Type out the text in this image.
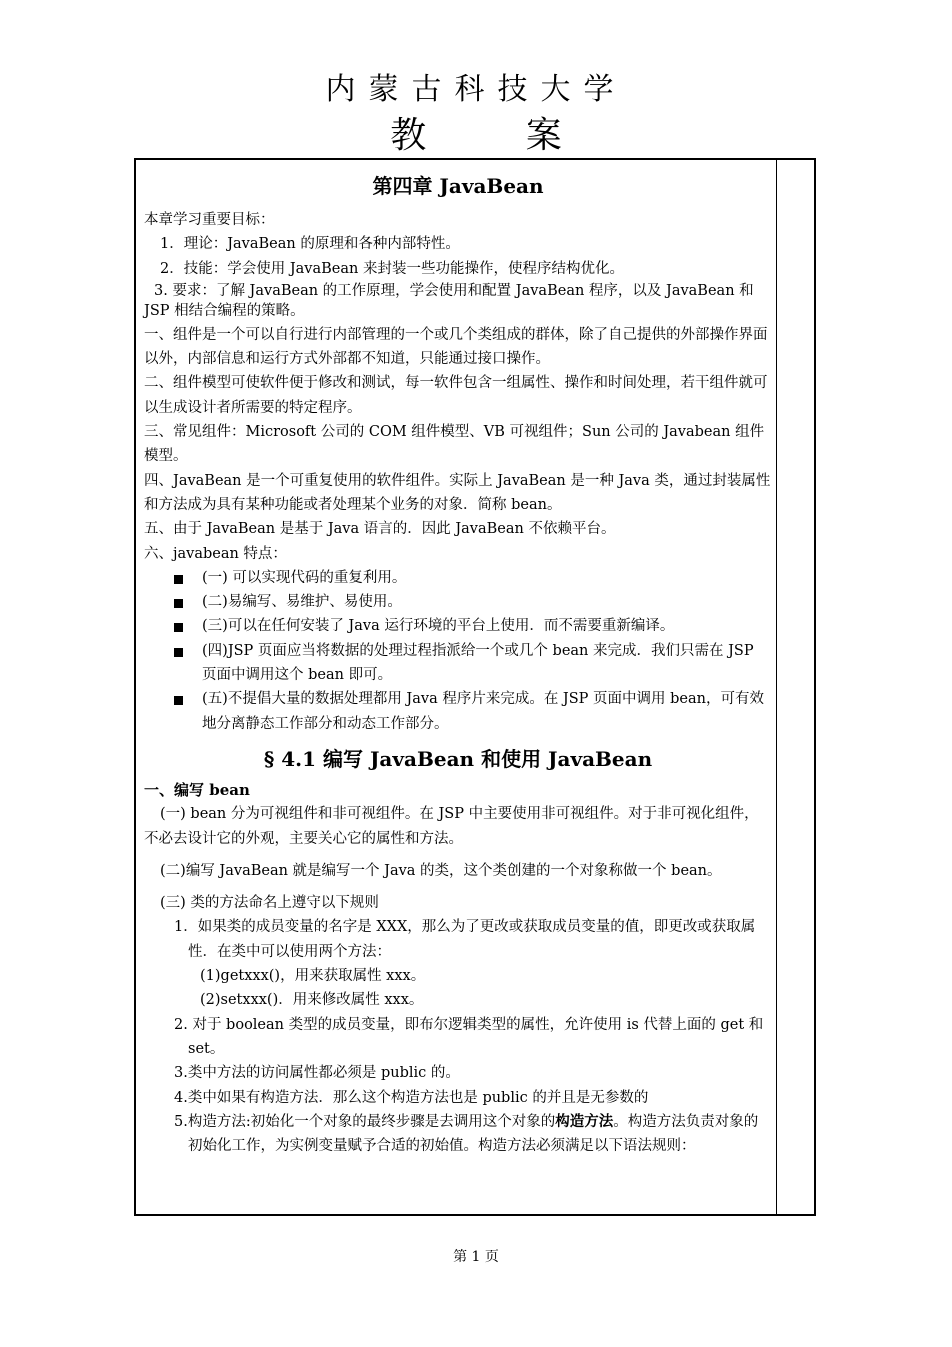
内蒙古科技大学
教 案

第四章 JavaBean

本章学习重要目标：

1．理论：JavaBean 的原理和各种内部特性。

2．技能：学会使用 JavaBean 来封装一些功能操作，使程序结构优化。

3. 要求：了解 JavaBean 的工作原理，学会使用和配置 JavaBean 程序，以及 JavaBean 和 JSP 相结合编程的策略。

一、组件是一个可以自行进行内部管理的一个或几个类组成的群体，除了自己提供的外部操作界面以外，内部信息和运行方式外部都不知道，只能通过接口操作。

二、组件模型可使软件便于修改和测试，每一软件包含一组属性、操作和时间处理，若干组件就可以生成设计者所需要的特定程序。

三、常见组件：Microsoft 公司的 COM 组件模型、VB 可视组件；Sun 公司的 Javabean 组件模型。

四、JavaBean 是一个可重复使用的软件组件。实际上 JavaBean 是一种 Java 类，通过封装属性和方法成为具有某种功能或者处理某个业务的对象．简称 bean。

五、由于 JavaBean 是基于 Java 语言的．因此 JavaBean 不依赖平台。

六、javabean 特点：

(一) 可以实现代码的重复利用。
(二)易编写、易维护、易使用。
(三)可以在任何安装了 Java 运行环境的平台上使用．而不需要重新编译。
(四)JSP 页面应当将数据的处理过程指派给一个或几个 bean 来完成．我们只需在 JSP 页面中调用这个 bean 即可。
(五)不提倡大量的数据处理都用 Java 程序片来完成。在 JSP 页面中调用 bean，可有效地分离静态工作部分和动态工作部分。

§ 4.1 编写 JavaBean 和使用 JavaBean

一、编写 bean

(一) bean 分为可视组件和非可视组件。在 JSP 中主要使用非可视组件。对于非可视化组件，不必去设计它的外观，主要关心它的属性和方法。

(二)编写 JavaBean 就是编写一个 Java 的类，这个类创建的一个对象称做一个 bean。

(三) 类的方法命名上遵守以下规则

1．如果类的成员变量的名字是 XXX，那么为了更改或获取成员变量的值，即更改或获取属性．在类中可以使用两个方法：

(1)getxxx()，用来获取属性 xxx。

(2)setxxx()．用来修改属性 xxx。

2. 对于 boolean 类型的成员变量，即布尔逻辑类型的属性，允许使用 is 代替上面的 get 和 set。

3.类中方法的访问属性都必须是 public 的。

4.类中如果有构造方法．那么这个构造方法也是 public 的并且是无参数的

5.构造方法:初始化一个对象的最终步骤是去调用这个对象的构造方法。构造方法负责对象的初始化工作，为实例变量赋予合适的初始值。构造方法必须满足以下语法规则：

第 1 页
